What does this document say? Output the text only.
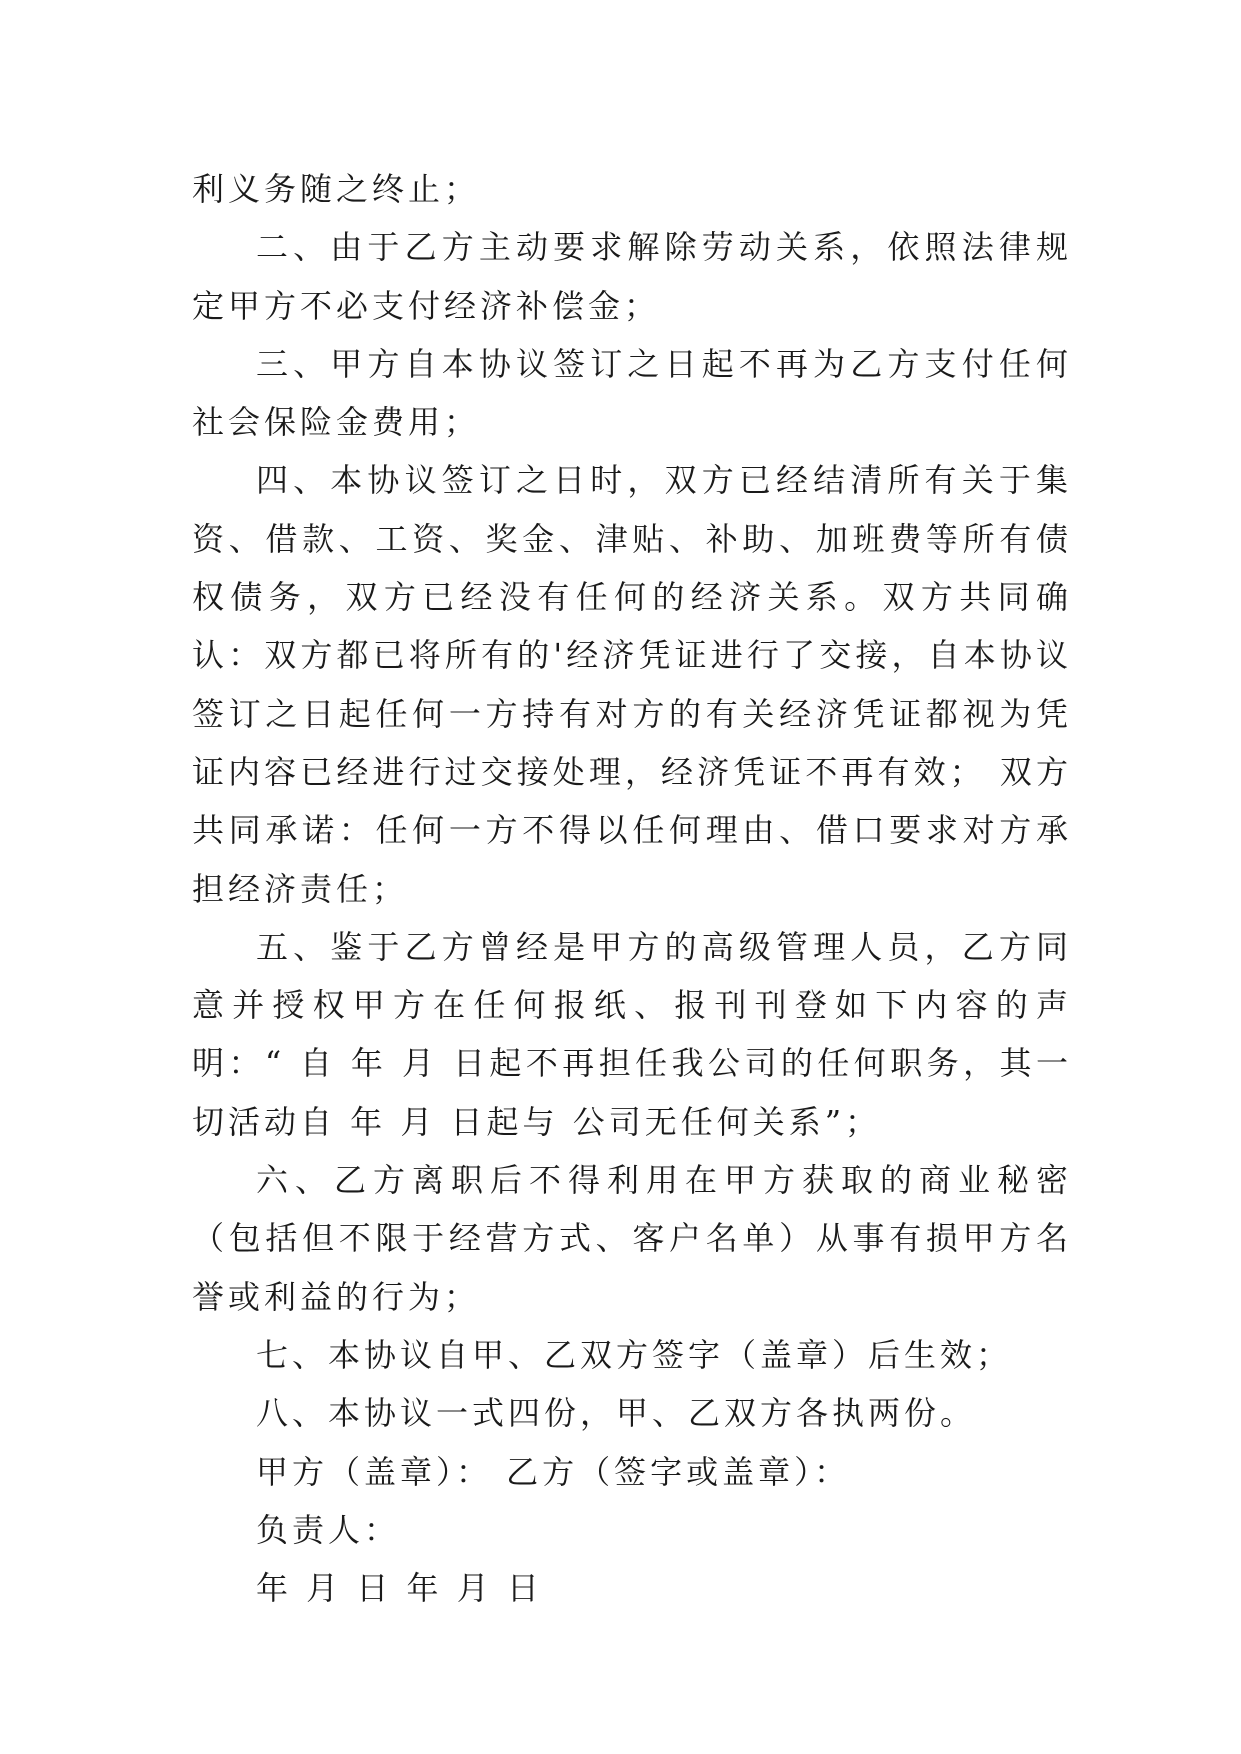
利义务随之终止；

二、由于乙方主动要求解除劳动关系，依照法律规定甲方不必支付经济补偿金；

三、甲方自本协议签订之日起不再为乙方支付任何社会保险金费用；

四、本协议签订之日时，双方已经结清所有关于集资、借款、工资、奖金、津贴、补助、加班费等所有债权债务，双方已经没有任何的经济关系。双方共同确认：双方都已将所有的'经济凭证进行了交接，自本协议签订之日起任何一方持有对方的有关经济凭证都视为凭证内容已经进行过交接处理，经济凭证不再有效； 双方共同承诺：任何一方不得以任何理由、借口要求对方承担经济责任；

五、鉴于乙方曾经是甲方的高级管理人员，乙方同意并授权甲方在任何报纸、报刊刊登如下内容的声明：“ 自 年 月 日起不再担任我公司的任何职务，其一切活动自 年 月 日起与 公司无任何关系”；

六、乙方离职后不得利用在甲方获取的商业秘密（包括但不限于经营方式、客户名单）从事有损甲方名誉或利益的行为；

七、本协议自甲、乙双方签字（盖章）后生效；

八、本协议一式四份，甲、乙双方各执两份。

甲方（盖章）： 乙方（签字或盖章）：

负责人：

年 月 日 年 月 日
